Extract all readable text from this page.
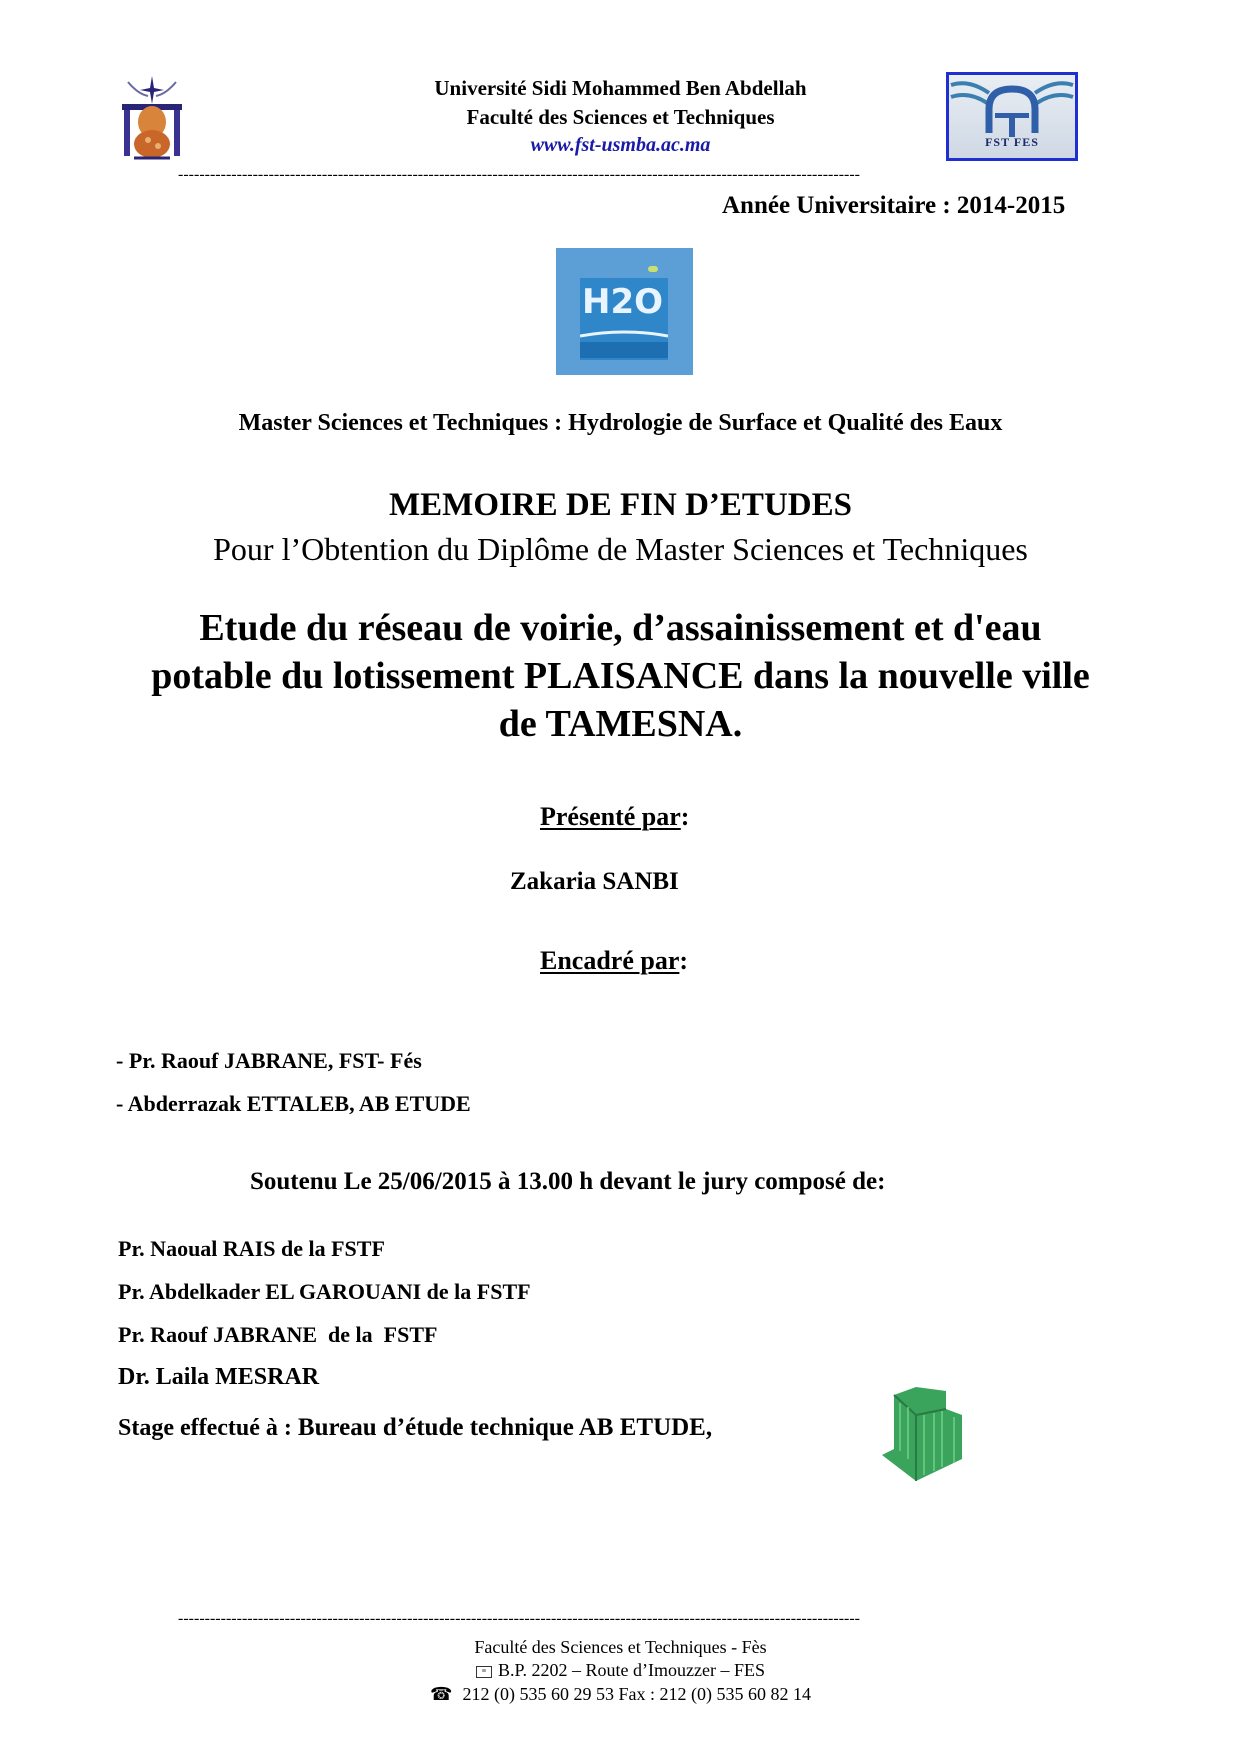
Université Sidi Mohammed Ben Abdellah
Faculté des Sciences et Techniques
www.fst-usmba.ac.ma	FST FES
--------------------------------------------------------------------------------------------------------------------------------
Année Universitaire : 2014-2015
H2O
Master Sciences et Techniques : Hydrologie de Surface et Qualité des Eaux
MEMOIRE DE FIN D’ETUDES
Pour l’Obtention du Diplôme de Master Sciences et Techniques
Etude du réseau de voirie, d’assainissement et d'eau
potable du lotissement PLAISANCE dans la nouvelle ville
de TAMESNA.
Présenté par:
Zakaria SANBI
Encadré par:
- Pr. Raouf JABRANE, FST- Fés
- Abderrazak ETTALEB, AB ETUDE
Soutenu Le 25/06/2015 à 13.00 h devant le jury composé de:
Pr. Naoual RAIS de la FSTF
Pr. Abdelkader EL GAROUANI de la FSTF
Pr. Raouf JABRANE  de la  FSTF
Dr. Laila MESRAR
Stage effectué à : Bureau d’étude technique AB ETUDE,
--------------------------------------------------------------------------------------------------------------------------------
Faculté des Sciences et Techniques - Fès
≡ B.P. 2202 – Route d’Imouzzer – FES
☎ 212 (0) 535 60 29 53 Fax : 212 (0) 535 60 82 14
